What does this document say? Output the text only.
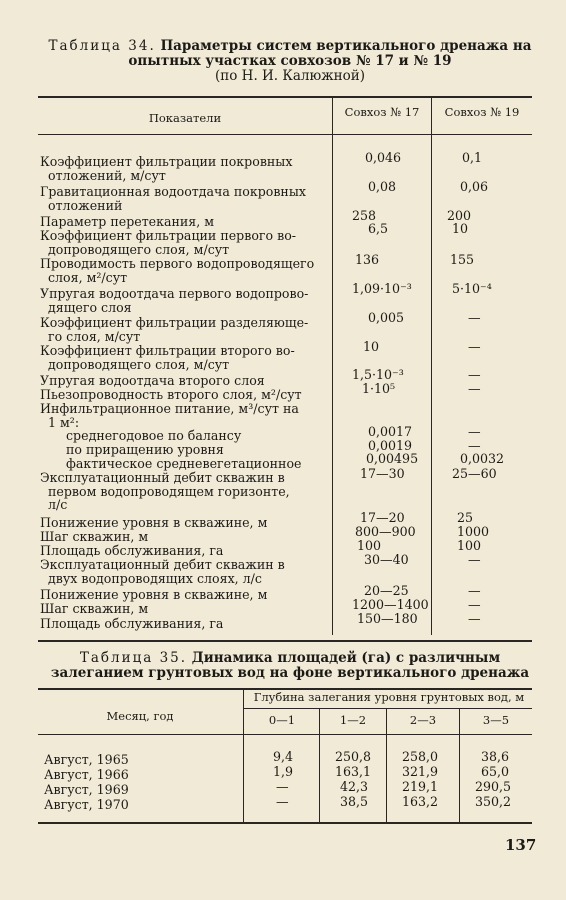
Таблица 34. Параметры систем вертикального дренажа на опытных участках совхозов № 17 и № 19
(по Н. И. Калюжной)
Показатели	Совхоз № 17	Совхоз № 19
Коэффициент фильтрации покровных
отложений, м/сут
0,046	0,1
Гравитационная водоотдача покровных
отложений
0,08	0,06
Параметр перетекания, м	258	200
Коэффициент фильтрации первого во-
допроводящего слоя, м/сут
6,5	10
Проводимость первого водопроводящего
слоя, м²/сут
136	155
Упругая водоотдача первого водопрово-
дящего слоя
1,09·10⁻³	5·10⁻⁴
Коэффициент фильтрации разделяюще-
го слоя, м/сут
0,005	—
Коэффициент фильтрации второго во-
допроводящего слоя, м/сут
10	—
Упругая водоотдача второго слоя	1,5·10⁻³	—
Пьезопроводность второго слоя, м²/сут	1·10⁵	—
Инфильтрационное питание, м³/сут на
1 м²:
среднегодовое по балансу	0,0017	—
по приращению уровня	0,0019	—
фактическое средневегетационное	0,00495	0,0032
Эксплуатационный дебит скважин в
первом водопроводящем горизонте,
л/с
17—30	25—60
Понижение уровня в скважине, м	17—20	25
Шаг скважин, м	800—900	1000
Площадь обслуживания, га	100	100
Эксплуатационный дебит скважин в
двух водопроводящих слоях, л/с
30—40	—
Понижение уровня в скважине, м	20—25	—
Шаг скважин, м	1200—1400	—
Площадь обслуживания, га	150—180	—
Таблица 35. Динамика площадей (га) с различным залеганием грунтовых вод на фоне вертикального дренажа
Месяц, год
Глубина залегания уровня грунтовых вод, м
0—1	1—2	2—3	3—5
Август, 1965	9,4	250,8 258,0	38,6
Август, 1966	1,9	163,1 321,9	65,0
Август, 1969	—	42,3	219,1	290,5
Август, 1970	—	38,5	163,2	350,2
137
